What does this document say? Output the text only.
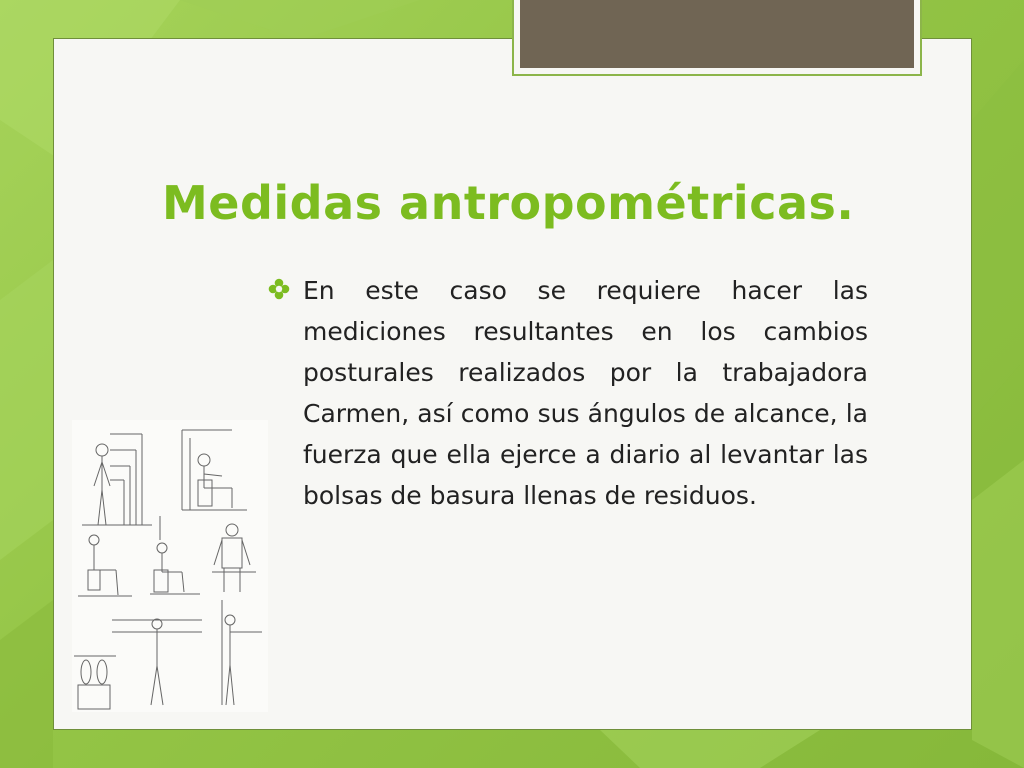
Medidas antropométricas.
En este caso se requiere hacer las mediciones resultantes en los cambios posturales realizados por la trabajadora Carmen, así como sus ángulos de alcance, la fuerza que ella ejerce a diario al levantar las bolsas de basura llenas de residuos.
